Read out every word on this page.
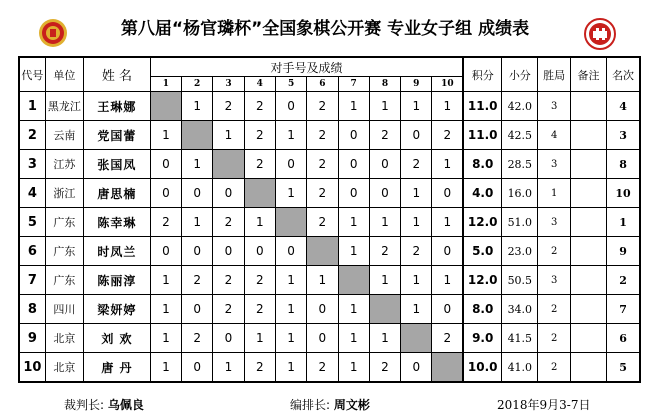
第八届“杨官璘杯”全国象棋公开赛 专业女子组 成绩表
代号	单位	姓 名	对手号及成绩										积分	小分	胜局	备注	名次
			1	2	3	4	5	6	7	8	9	10					
1	黑龙江	王琳娜		1	2	2	0	2	1	1	1	1	11.0	42.0	3		4
2	云南	党国蕾	1		1	2	1	2	0	2	0	2	11.0	42.5	4		3
3	江苏	张国凤	0	1		2	0	2	0	0	2	1	8.0	28.5	3		8
4	浙江	唐思楠	0	0	0		1	2	0	0	1	0	4.0	16.0	1		10
5	广东	陈幸琳	2	1	2	1		2	1	1	1	1	12.0	51.0	3		1
6	广东	时凤兰	0	0	0	0	0		1	2	2	0	5.0	23.0	2		9
7	广东	陈丽淳	1	2	2	2	1	1		1	1	1	12.0	50.5	3		2
8	四川	梁妍婷	1	0	2	2	1	0	1		1	0	8.0	34.0	2		7
9	北京	刘 欢	1	2	0	1	1	0	1	1		2	9.0	41.5	2		6
10	北京	唐 丹	1	0	1	2	1	2	1	2	0		10.0	41.0	2		5
裁判长: 乌佩良	编排长: 周文彬	2018年9月3-7日
